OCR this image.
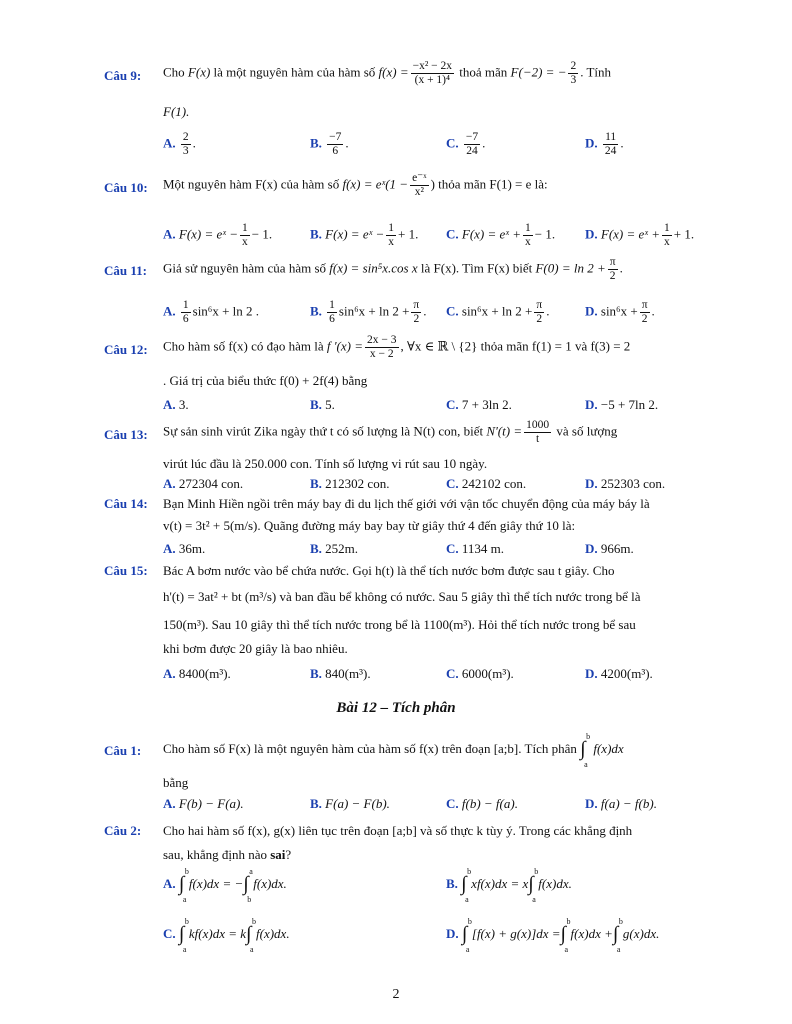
Câu 9: Cho F(x) là một nguyên hàm của hàm số $f(x) = \frac{\text{−x² − 2x}}{\text{(x + 1)⁴}}$ thoả mãn F(−2) = − $\frac{2}{3}$ . Tính
F(1).
A. $\frac{2}{3}$ .	B. $\frac{-7}{6}$ .	C. $\frac{-7}{24}$ .	D. $\frac{11}{24}$ .
Câu 10: Một nguyên hàm F(x) của hàm số f(x) = eˣ(1 − $\frac{\text{e⁻ˣ}}{\text{x²}}$ ) thỏa mãn F(1) = e là:
A. F(x) = eˣ − $\frac{1}{x} - 1$.	B. F(x) = eˣ − $\frac{1}{x} + 1$. C. F(x) = eˣ + $\frac{1}{x} - 1$. D. F(x) = eˣ + $\frac{1}{x} + 1$.
Câu 11: Giả sử nguyên hàm của hàm số f(x) = sin⁵x.cos x là F(x). Tìm F(x) biết $F(0) = \ln 2 + \frac{\pi}{2}$ .
A. $\frac{1}{6} \sin^6x + \ln 2$ .	B. $\frac{1}{6} \sin^6x + \ln 2 + \frac{\pi}{2}$ . C. $\sin^6x + \ln 2 + \frac{\pi}{2}$ .	D. $\sin^6x + \frac{\pi}{2}$ .
Câu 12: Cho hàm số f(x) có đạo hàm là f '$(x) = \frac{2x - 3}{x - 2}$ , ∀x ∈ ℝ \ {2} thỏa mãn f(1) = 1 và f(3) = 2
. Giá trị của biểu thức f(0) + 2f(4) bằng
A. 3.	B. 5.	C. 7 + 3ln 2.	D. −5 + 7ln 2.
Câu 13: Sự sản sinh virút Zika ngày thứ t có số lượng là N(t) con, biết $N'(t) = \frac{1000}{t}$ và số lượng
virút lúc đầu là 250.000 con. Tính số lượng vi rút sau 10 ngày.
A. 272304 con.	B. 212302 con.	C. 242102 con.	D. 252303 con.
Câu 14: Bạn Minh Hiền ngồi trên máy bay đi du lịch thế giới với vận tốc chuyển động của máy báy là
v(t) = 3t² + 5(m/s). Quãng đường máy bay bay từ giây thứ 4 đến giây thứ 10 là:
A. 36m.	B. 252m.	C. 1134 m.	D. 966m.
Câu 15: Bác A bơm nước vào bể chứa nước. Gọi h(t) là thể tích nước bơm được sau t giây. Cho
h'(t) = 3at² + bt (m³/s) và ban đầu bể không có nước. Sau 5 giây thì thể tích nước trong bể là
150(m³). Sau 10 giây thì thể tích nước trong bể là 1100(m³). Hỏi thể tích nước trong bể sau
khi bơm được 20 giây là bao nhiêu.
A. 8400(m³).	B. 840(m³).	C. 6000(m³).	D. 4200(m³).
Bài 12 – Tích phân
Câu 1: Cho hàm số F(x) là một nguyên hàm của hàm số f(x) trên đoạn [a;b]. Tích phân ∫
b
a
f(x)dx
bằng
A. F(b) − F(a).	B. F(a) − F(b).	C. f(b) − f(a).	D. f(a) − f(b).
Câu 2: Cho hai hàm số f(x), g(x) liên tục trên đoạn [a;b] và số thực k tùy ý. Trong các khẳng định
sau, khẳng định nào sai?
A. ∫
b
a
f(x)dx = − ∫
a
b
f(x)dx.	B. ∫
b
a
xf(x)dx = x ∫
b
a
f(x)dx.
C. ∫
b
a
kf(x)dx = k ∫
b
a
f(x)dx.	D. ∫
b
a
[f(x) + g(x)]dx = ∫
b
a
f(x)dx + ∫
b
a
g(x)dx.
2
